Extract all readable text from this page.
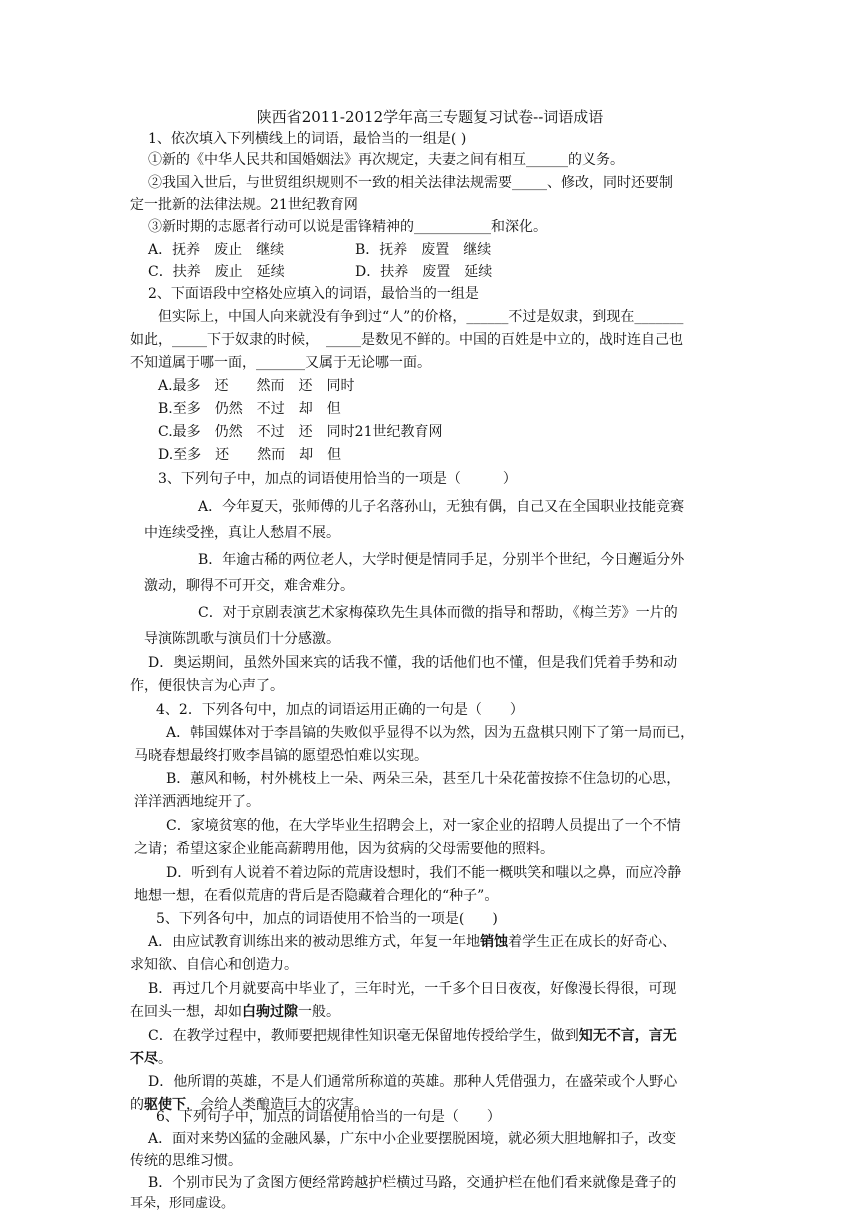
陕西省2011-2012学年高三专题复习试卷--词语成语
1、依次填入下列横线上的词语，最恰当的一组是( )
①新的《中华人民共和国婚姻法》再次规定，夫妻之间有相互______的义务。
②我国入世后，与世贸组织规则不一致的相关法律法规需要_____、修改，同时还要制
定一批新的法律法规。21世纪教育网
③新时期的志愿者行动可以说是雷锋精神的___________和深化。
A．抚养　废止　继续	B．抚养　废置　继续
C．扶养　废止　延续	D．扶养　废置　延续
2、下面语段中空格处应填入的词语，最恰当的一组是
但实际上，中国人向来就没有争到过“人”的价格，______不过是奴隶，到现在_______
如此，_____下于奴隶的时候，　_____是数见不鲜的。中国的百姓是中立的，战时连自己也
不知道属于哪一面，_______又属于无论哪一面。
A.最多　还　　然而　还　同时
B.至多　仍然　不过　却　但
C.最多　仍然　不过　还　同时21世纪教育网
D.至多　还　　然而　却　但
3、下列句子中，加点的词语使用恰当的一项是（　　　）
A．今年夏天，张师傅的儿子名落孙山，无独有偶，自己又在全国职业技能竞赛
中连续受挫，真让人愁眉不展。
B．年逾古稀的两位老人，大学时便是情同手足，分别半个世纪，今日邂逅分外
激动，聊得不可开交，难舍难分。
C．对于京剧表演艺术家梅葆玖先生具体而微的指导和帮助，《梅兰芳》一片的
导演陈凯歌与演员们十分感激。
D．奥运期间，虽然外国来宾的话我不懂，我的话他们也不懂，但是我们凭着手势和动
作，便很快言为心声了。
4、2．下列各句中，加点的词语运用正确的一句是（　　）
A．韩国媒体对于李昌镐的失败似乎显得不以为然，因为五盘棋只刚下了第一局而已，
马晓春想最终打败李昌镐的愿望恐怕难以实现。
B．蕙风和畅，村外桃枝上一朵、两朵三朵，甚至几十朵花蕾按捺不住急切的心思，
洋洋洒洒地绽开了。
C．家境贫寒的他，在大学毕业生招聘会上，对一家企业的招聘人员提出了一个不情
之请；希望这家企业能高薪聘用他，因为贫病的父母需要他的照料。
D．听到有人说着不着边际的荒唐设想时，我们不能一概哄笑和嗤以之鼻，而应冷静
地想一想，在看似荒唐的背后是否隐藏着合理化的“种子”。
5、下列各句中，加点的词语使用不恰当的一项是(　　)
A．由应试教育训练出来的被动思维方式，年复一年地销蚀着学生正在成长的好奇心、
求知欲、自信心和创造力。
B．再过几个月就要高中毕业了，三年时光，一千多个日日夜夜，好像漫长得很，可现
在回头一想，却如白驹过隙一般。
C．在教学过程中，教师要把规律性知识毫无保留地传授给学生，做到知无不言，言无
不尽。
D．他所谓的英雄，不是人们通常所称道的英雄。那种人凭借强力，在盛荣或个人野心
的驱使下，会给人类酿造巨大的灾害。
6、下列句子中，加点的词语使用恰当的一句是（　　）
A．面对来势凶猛的金融风暴，广东中小企业要摆脱困境，就必须大胆地解扣子，改变
传统的思维习惯。
B．个别市民为了贪图方便经常跨越护栏横过马路，交通护栏在他们看来就像是聋子的
耳朵，形同虚设。
